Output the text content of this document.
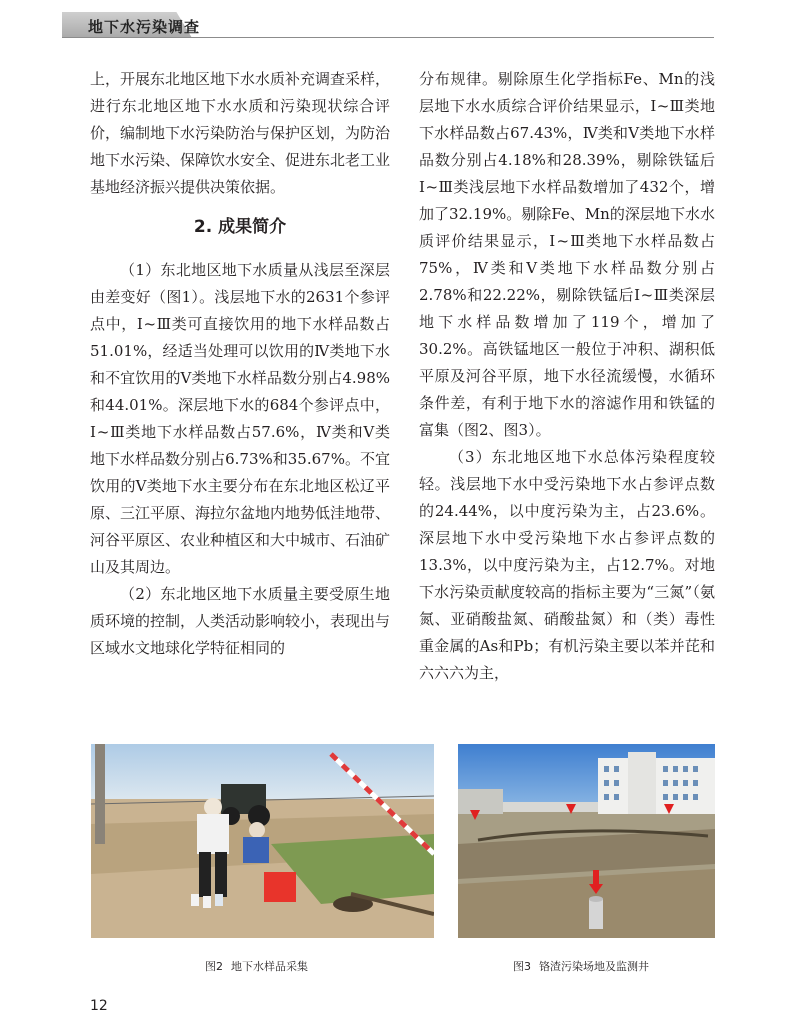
地下水污染调查

上，开展东北地区地下水水质补充调查采样，进行东北地区地下水水质和污染现状综合评价，编制地下水污染防治与保护区划，为防治地下水污染、保障饮水安全、促进东北老工业基地经济振兴提供决策依据。

2. 成果简介

（1）东北地区地下水质量从浅层至深层由差变好（图1）。浅层地下水的2631个参评点中，Ⅰ~Ⅲ类可直接饮用的地下水样品数占51.01%，经适当处理可以饮用的Ⅳ类地下水和不宜饮用的Ⅴ类地下水样品数分别占4.98%和44.01%。深层地下水的684个参评点中，Ⅰ~Ⅲ类地下水样品数占57.6%，Ⅳ类和Ⅴ类地下水样品数分别占6.73%和35.67%。不宜饮用的Ⅴ类地下水主要分布在东北地区松辽平原、三江平原、海拉尔盆地内地势低洼地带、河谷平原区、农业种植区和大中城市、石油矿山及其周边。

（2）东北地区地下水质量主要受原生地质环境的控制，人类活动影响较小，表现出与区域水文地球化学特征相同的

分布规律。剔除原生化学指标Fe、Mn的浅层地下水水质综合评价结果显示，Ⅰ~Ⅲ类地下水样品数占67.43%，Ⅳ类和Ⅴ类地下水样品数分别占4.18%和28.39%，剔除铁锰后Ⅰ~Ⅲ类浅层地下水样品数增加了432个，增加了32.19%。剔除Fe、Mn的深层地下水水质评价结果显示，Ⅰ~Ⅲ类地下水样品数占75%，Ⅳ类和Ⅴ类地下水样品数分别占2.78%和22.22%，剔除铁锰后Ⅰ~Ⅲ类深层地下水样品数增加了119个，增加了30.2%。高铁锰地区一般位于冲积、湖积低平原及河谷平原，地下水径流缓慢，水循环条件差，有利于地下水的溶滤作用和铁锰的富集（图2、图3）。

（3）东北地区地下水总体污染程度较轻。浅层地下水中受污染地下水占参评点数的24.44%，以中度污染为主，占23.6%。深层地下水中受污染地下水占参评点数的13.3%，以中度污染为主，占12.7%。对地下水污染贡献度较高的指标主要为“三氮”（氨氮、亚硝酸盐氮、硝酸盐氮）和（类）毒性重金属的As和Pb；有机污染主要以苯并芘和六六六为主，

图2 地下水样品采集	图3 铬渣污染场地及监测井
12
